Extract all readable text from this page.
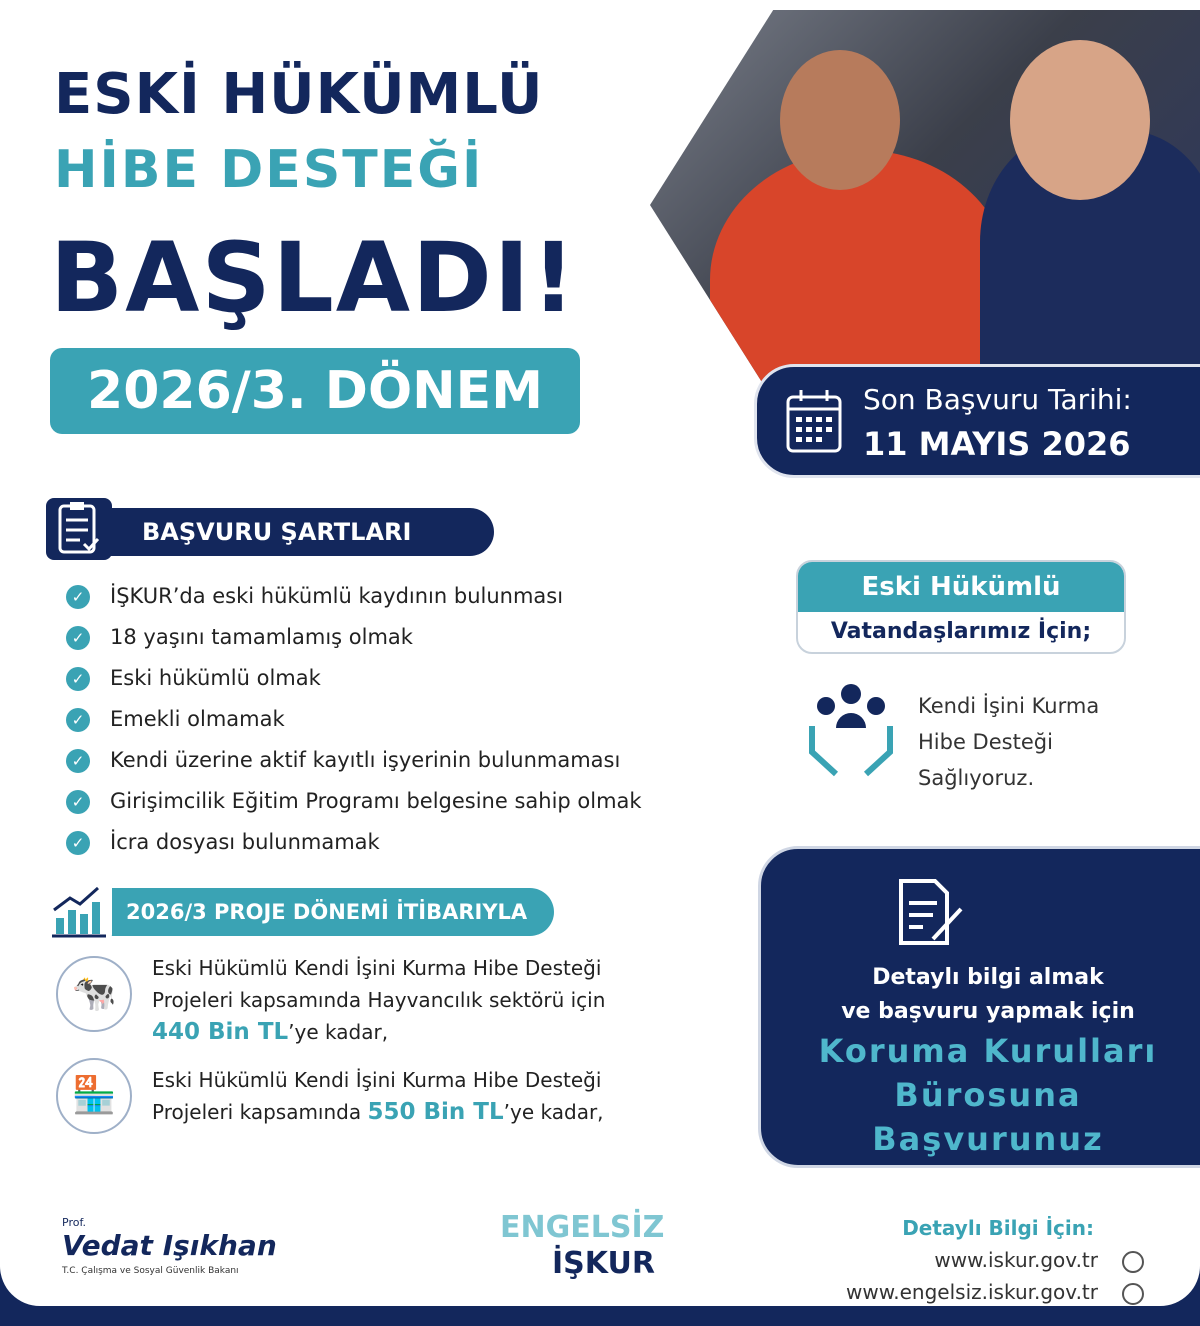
ESKİ HÜKÜMLÜ
HİBE DESTEĞİ
BAŞLADI!
2026/3. DÖNEM	Son Başvuru Tarihi:
11 MAYIS 2026
BAŞVURU ŞARTLARI
✓ İŞKUR’da eski hükümlü kaydının bulunması
✓ 18 yaşını tamamlamış olmak
✓ Eski hükümlü olmak
✓ Emekli olmamak
✓ Kendi üzerine aktif kayıtlı işyerinin bulunmaması
✓ Girişimcilik Eğitim Programı belgesine sahip olmak
✓ İcra dosyası bulunmamak
2026/3 PROJE DÖNEMİ İTİBARIYLA
🐄
Eski Hükümlü Kendi İşini Kurma Hibe Desteği
Projeleri kapsamında Hayvancılık sektörü için
440 Bin TL’ye kadar,
🏪	Eski Hükümlü Kendi İşini Kurma Hibe Desteği
Projeleri kapsamında 550 Bin TL’ye kadar,
Eski Hükümlü
Vatandaşlarımız İçin;
Kendi İşini Kurma
Hibe Desteği
Sağlıyoruz.
Detaylı bilgi almak
ve başvuru yapmak için
Koruma Kurulları
Bürosuna
Başvurunuz
Prof.
Vedat Işıkhan
T.C. Çalışma ve Sosyal Güvenlik Bakanı
ENGELSİZ
İŞKUR
Detaylı Bilgi İçin:
www.iskur.gov.tr
www.engelsiz.iskur.gov.tr
